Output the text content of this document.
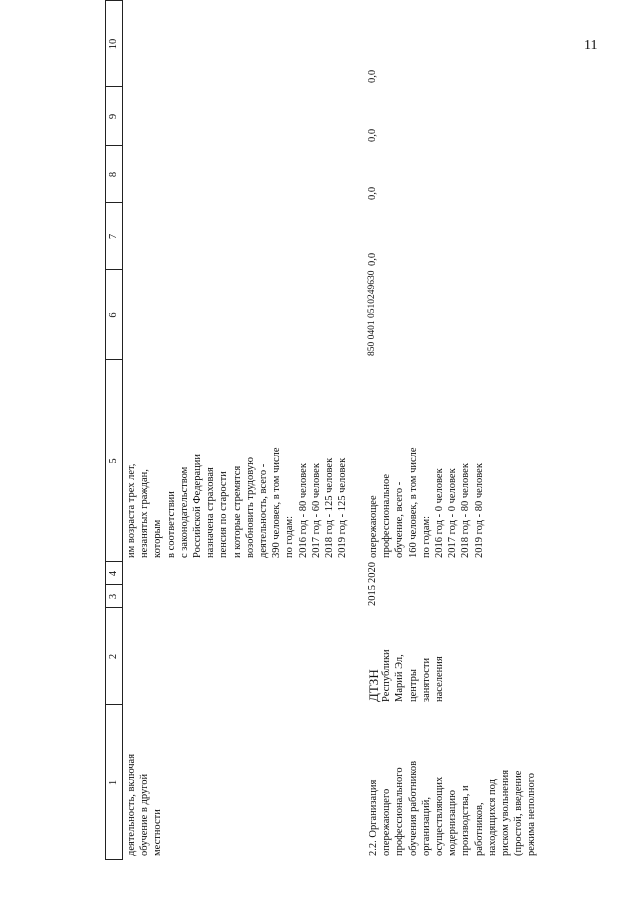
11
1
2
3
4
5
6
7
8
9
10
деятельность, включая обучение в другой местности
им возраста трех лет, незанятых граждан, которым в соответствии с законодательством Российской Федерации назначена страховая пенсия по старости и которые стремятся возобновить трудовую деятельность, всего - 390 человек, в том числе по годам: 2016 год - 80 человек 2017 год - 60 человек 2018 год - 125 человек 2019 год - 125 человек
2.2. Организация опережающего профессионального обучения работников организаций, осуществляющих модернизацию производства, и работников, находящихся под риском увольнения (простой, введение режима неполного
ДТЗН Республики Марий Эл, центры занятости населения
2015
2020
опережающее профессиональное обучение, всего - 160 человек, в том числе по годам: 2016 год - 0 человек 2017 год - 0 человек 2018 год - 80 человек 2019 год - 80 человек
850 0401 0510249630
0,0
0,0
0,0
0,0
